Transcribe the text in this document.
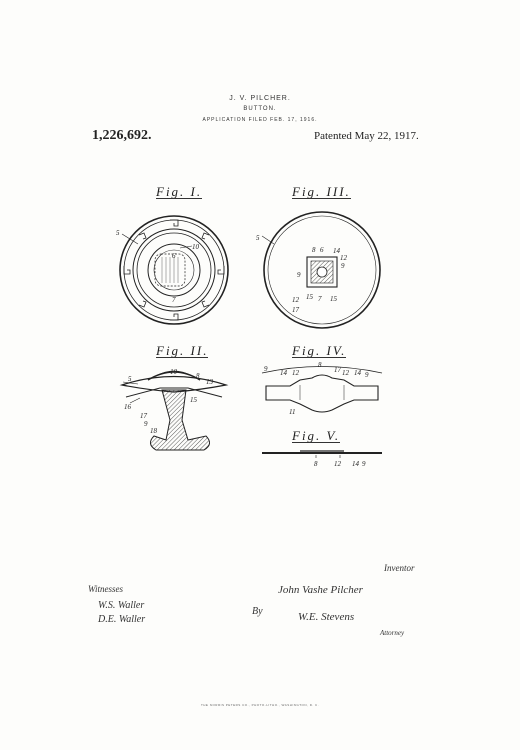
J. V. PILCHER.
BUTTON.
APPLICATION FILED FEB. 17, 1916.
1,226,692.	Patented May 22, 1917.
Fig. I.	Fig. III.
Fig. II.	Fig. IV.
Fig. V.
5
6
10
7
5
8 6 14
12
9
9
12 15 7 15
17
10
5	8
13
16
15
17
9
18
9 14 12
8
17 12 14 9
11
8 12 14 9
Inventor
John Vashe Pilcher
Witnesses
W.S. Waller
D.E. Waller
By	W.E. Stevens
Attorney
THE NORRIS PETERS CO., PHOTO-LITHO., WASHINGTON, D. C.
